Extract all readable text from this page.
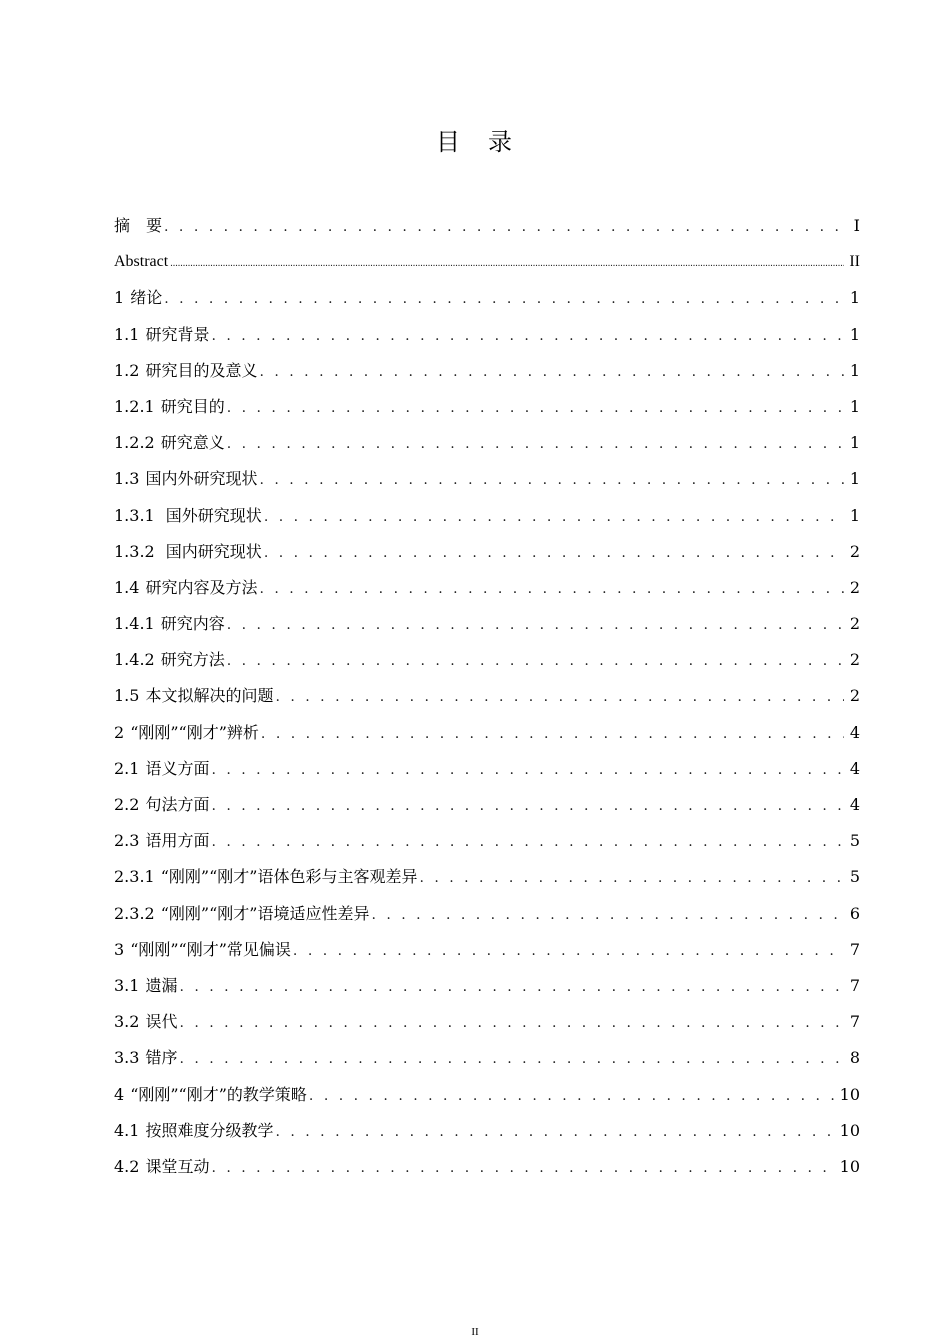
目　录
摘　要 . . .	I
Abstract .....	II
1 绪论 . . .	1
1.1 研究背景 . . .	1
1.2 研究目的及意义 . . .	1
1.2.1 研究目的 . . .	1
1.2.2 研究意义 . . .	1
1.3 国内外研究现状 . . .	1
1.3.1 国外研究现状 . . .	1
1.3.2 国内研究现状 . . .	2
1.4 研究内容及方法 . . .	2
1.4.1 研究内容 . . .	2
1.4.2 研究方法 . . .	2
1.5 本文拟解决的问题 . . .	2
2 “刚刚”“刚才”辨析 . . .	4
2.1 语义方面 . . .	4
2.2 句法方面 . . .	4
2.3 语用方面 . . .	5
2.3.1 “刚刚”“刚才”语体色彩与主客观差异 . . .	5
2.3.2 “刚刚”“刚才”语境适应性差异 . . .	6
3 “刚刚”“刚才”常见偏误 . . .	7
3.1 遗漏 . . .	7
3.2 误代 . . .	7
3.3 错序 . . .	8
4 “刚刚”“刚才”的教学策略 . . .	10
4.1 按照难度分级教学 . . .	10
4.2 课堂互动 . . .	10
II
